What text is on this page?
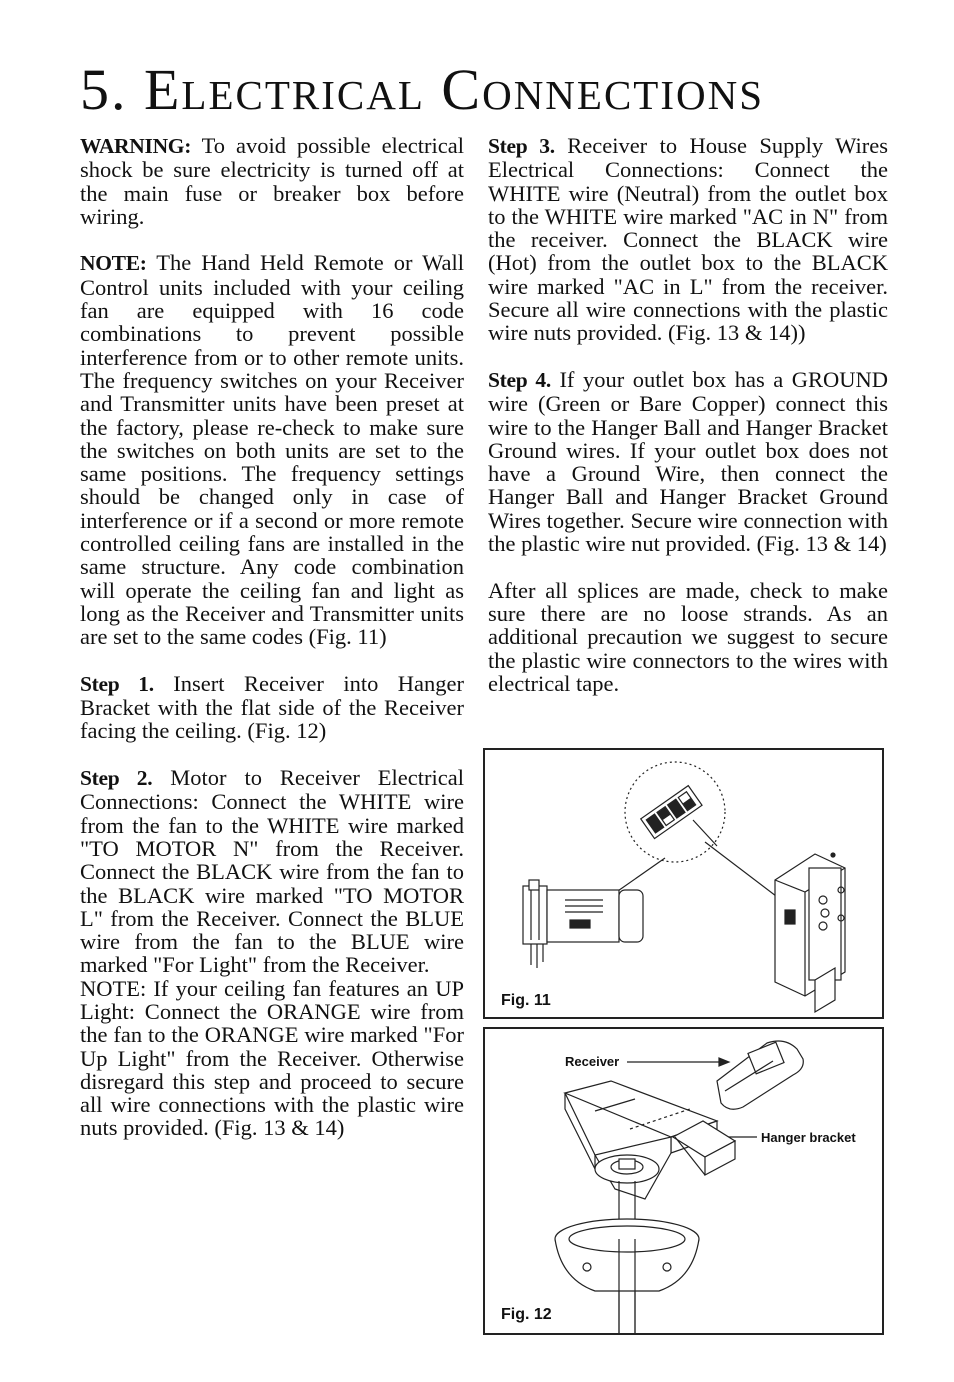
5. Electrical Connections

WARNING: To avoid possible electrical shock be sure electricity is turned off at the main fuse or breaker box before wiring.

NOTE: The Hand Held Remote or Wall Control units included with your ceiling fan are equipped with 16 code combinations to prevent possible interference from or to other remote units. The frequency switches on your Receiver and Transmitter units have been preset at the factory, please re-check to make sure the switches on both units are set to the same positions. The frequency settings should be changed only in case of interference or if a second or more remote controlled ceiling fans are installed in the same structure. Any code combination will operate the ceiling fan and light as long as the Receiver and Transmitter units are set to the same codes (Fig. 11)

Step 1. Insert Receiver into Hanger Bracket with the flat side of the Receiver facing the ceiling. (Fig. 12)

Step 2. Motor to Receiver Electrical Connections: Connect the WHITE wire from the fan to the WHITE wire marked "TO MOTOR N" from the Receiver. Connect the BLACK wire from the fan to the BLACK wire marked "TO MOTOR L" from the Receiver. Connect the BLUE wire from the fan to the BLUE wire marked "For Light" from the Receiver.

NOTE: If your ceiling fan features an UP Light: Connect the ORANGE wire from the fan to the ORANGE wire marked "For Up Light" from the Receiver. Otherwise disregard this step and proceed to secure all wire connections with the plastic wire nuts provided. (Fig. 13 & 14)

Step 3. Receiver to House Supply Wires Electrical Connections: Connect the WHITE wire (Neutral) from the outlet box to the WHITE wire marked "AC in N" from the receiver. Connect the BLACK wire (Hot) from the outlet box to the BLACK wire marked "AC in L" from the receiver. Secure all wire connections with the plastic wire nuts provided. (Fig. 13 & 14))

Step 4. If your outlet box has a GROUND wire (Green or Bare Copper) connect this wire to the Hanger Ball and Hanger Bracket Ground wires. If your outlet box does not have a Ground Wire, then connect the Hanger Ball and Hanger Bracket Ground Wires together. Secure wire connection with the plastic wire nut provided. (Fig. 13 & 14)

After all splices are made, check to make sure there are no loose strands. As an additional precaution we suggest to secure the plastic wire connectors to the wires with electrical tape.

Fig. 11
Receiver
Hanger bracket
Fig. 12
